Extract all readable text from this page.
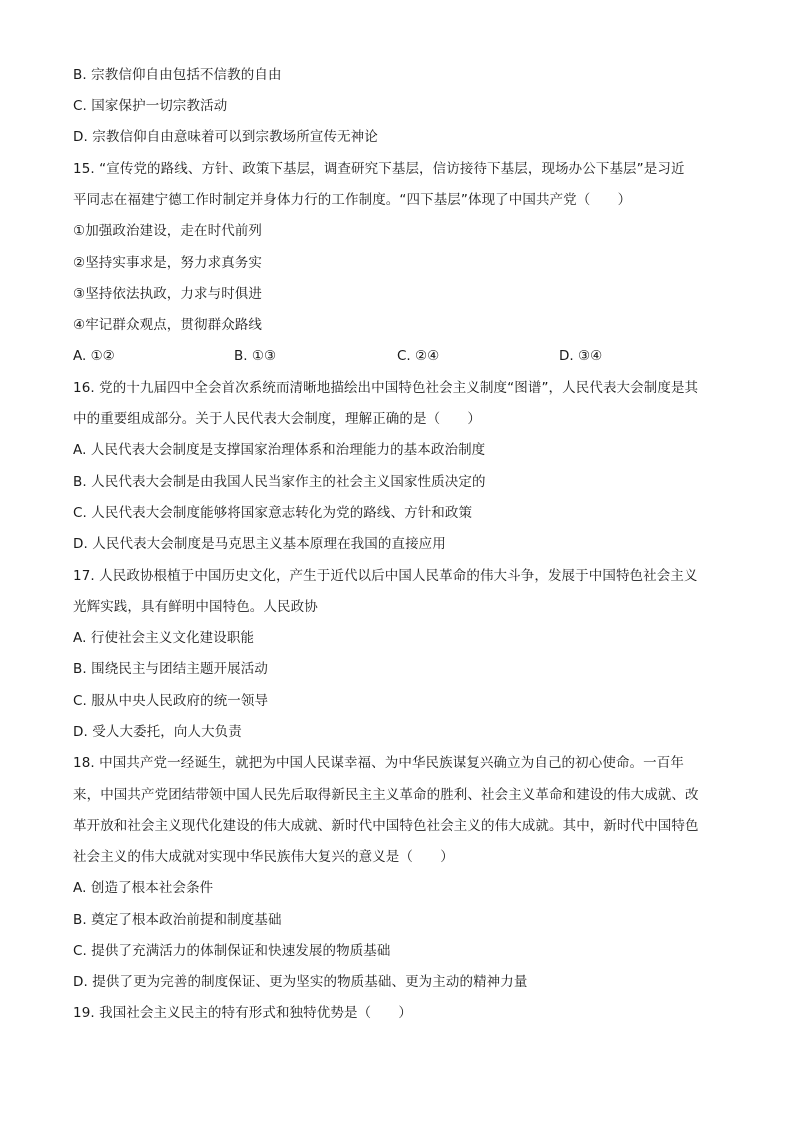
B. 宗教信仰自由包括不信教的自由
C. 国家保护一切宗教活动
D. 宗教信仰自由意味着可以到宗教场所宣传无神论
15. “宣传党的路线、方针、政策下基层，调查研究下基层，信访接待下基层，现场办公下基层”是习近
平同志在福建宁德工作时制定并身体力行的工作制度。“四下基层”体现了中国共产党（　　）
①加强政治建设，走在时代前列
②坚持实事求是，努力求真务实
③坚持依法执政，力求与时俱进
④牢记群众观点，贯彻群众路线
A. ①②	B. ①③	C. ②④	D. ③④
16. 党的十九届四中全会首次系统而清晰地描绘出中国特色社会主义制度“图谱”，人民代表大会制度是其
中的重要组成部分。关于人民代表大会制度，理解正确的是（　　）
A. 人民代表大会制度是支撑国家治理体系和治理能力的基本政治制度
B. 人民代表大会制是由我国人民当家作主的社会主义国家性质决定的
C. 人民代表大会制度能够将国家意志转化为党的路线、方针和政策
D. 人民代表大会制度是马克思主义基本原理在我国的直接应用
17. 人民政协根植于中国历史文化，产生于近代以后中国人民革命的伟大斗争，发展于中国特色社会主义
光辉实践，具有鲜明中国特色。人民政协
A. 行使社会主义文化建设职能
B. 围绕民主与团结主题开展活动
C. 服从中央人民政府的统一领导
D. 受人大委托，向人大负责
18. 中国共产党一经诞生，就把为中国人民谋幸福、为中华民族谋复兴确立为自己的初心使命。一百年
来，中国共产党团结带领中国人民先后取得新民主主义革命的胜利、社会主义革命和建设的伟大成就、改
革开放和社会主义现代化建设的伟大成就、新时代中国特色社会主义的伟大成就。其中，新时代中国特色
社会主义的伟大成就对实现中华民族伟大复兴的意义是（　　）
A. 创造了根本社会条件
B. 奠定了根本政治前提和制度基础
C. 提供了充满活力的体制保证和快速发展的物质基础
D. 提供了更为完善的制度保证、更为坚实的物质基础、更为主动的精神力量
19. 我国社会主义民主的特有形式和独特优势是（　　）
